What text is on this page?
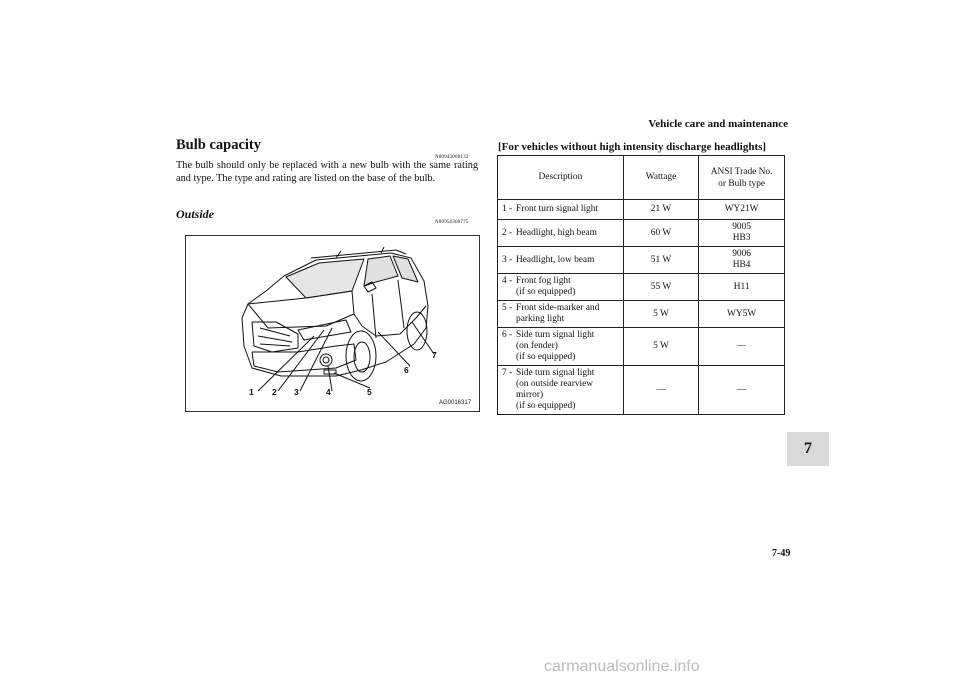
Vehicle care and maintenance
Bulb capacity
N00943000132
The bulb should only be replaced with a new bulb with the same rating and type. The type and rating are listed on the base of the bulb.
Outside
N00950300775
1 2 3	4	5
6
7
AG0016317
[For vehicles without high intensity discharge headlights]
Description	Wattage	ANSI Trade No. or Bulb type
1 - Front turn signal light	21 W	WY21W
2 - Headlight, high beam	60 W	9005
HB3
3 - Headlight, low beam	51 W	9006
HB4
4 - Front fog light
(if so equipped)	55 W	H11
5 - Front side-marker and parking light	5 W	WY5W
6 - Side turn signal light
(on fender)
(if so equipped)	5 W	—
7 - Side turn signal light
(on outside rearview mirror)
(if so equipped)	—	—
7
7-49
carmanualsonline.info
